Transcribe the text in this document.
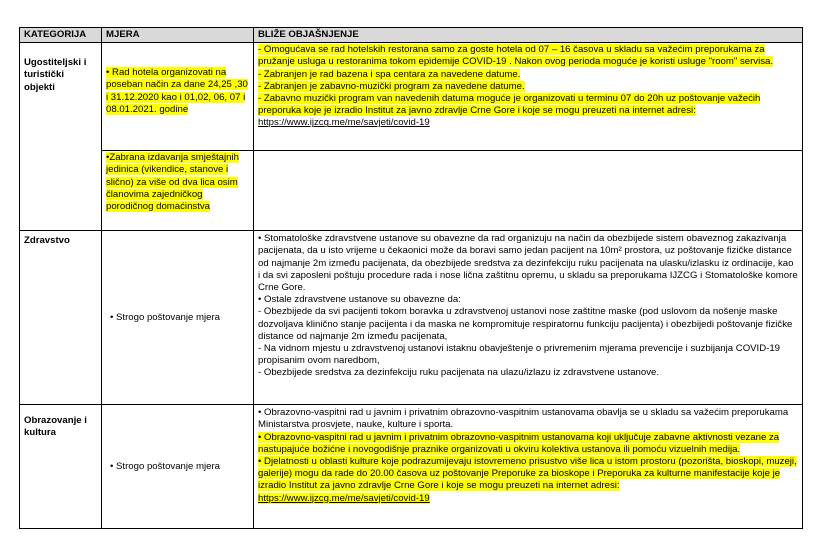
KATEGORIJA	MJERA	BLIŽE OBJAŠNJENJE
Ugostiteljski i turistički objekti	• Rad hotela organizovati na poseban način za dane 24,25 ,30 i 31.12.2020 kao i 01,02, 06, 07 i 08.01.2021. godine	- Omogućava se rad hotelskih restorana samo za goste hotela od 07 – 16 časova u skladu sa važećim preporukama za pružanje usluga u restoranima tokom epidemije COVID-19 . Nakon ovog perioda moguće je koristi usluge "room" servisa.
- Zabranjen je rad bazena i spa centara za navedene datume.
- Zabranjen je zabavno-muzički program za navedene datume.
- Zabavno muzički program van navedenih datuma moguće je organizovati u terminu 07 do 20h uz poštovanje važećih preporuka koje je izradio Institut za javno zdravlje Crne Gore i koje se mogu preuzeti na internet adresi:
https://www.ijzcg.me/me/savjeti/covid-19
	•Zabrana izdavanja smještajnih jedinica (vikendice, stanove i slično) za više od dva lica osim članovima zajedničkog porodičnog domaćinstva	
Zdravstvo	• Strogo poštovanje mjera	• Stomatološke zdravstvene ustanove su obavezne da rad organizuju na način da obezbijede sistem obaveznog zakazivanja pacijenata, da u isto vrijeme u čekaonici može da boravi samo jedan pacijent na 10m² prostora, uz poštovanje fizičke distance od najmanje 2m između pacijenata, da obezbijede sredstva za dezinfekciju ruku pacijenata na ulasku/izlasku iz ordinacije, kao i da svi zaposleni poštuju procedure rada i nose lična zaštitnu opremu, u skladu sa preporukama IJZCG i Stomatološke komore Crne Gore.
• Ostale zdravstvene ustanove su obavezne da:
- Obezbijede da svi pacijenti tokom boravka u zdravstvenoj ustanovi nose zaštitne maske (pod uslovom da nošenje maske dozvoljava klinično stanje pacijenta i da maska ne kompromituje respiratornu funkciju pacijenta) i obezbijedi poštovanje fizičke distance od najmanje 2m između pacijenata,
- Na vidnom mjestu u zdravstvenoj ustanovi istaknu obavještenje o privremenim mjerama prevencije i suzbijanja COVID-19 propisanim ovom naredbom,
- Obezbijede sredstva za dezinfekciju ruku pacijenata na ulazu/izlazu iz zdravstvene ustanove.

Obrazovanje i kultura	• Strogo poštovanje mjera	• Obrazovno-vaspitni rad u javnim i privatnim obrazovno-vaspitnim ustanovama obavlja se u skladu sa važećim preporukama Ministarstva prosvjete, nauke, kulture i sporta.
• Obrazovno-vaspitni rad u javnim i privatnim obrazovno-vaspitnim ustanovama koji uključuje zabavne aktivnosti vezane za nastupajuće božićne i novogodišnje praznike organizovati u okviru kolektiva ustanova ili pomoću vizuelnih medija.
• Djelatnosti u oblasti kulture koje podrazumijevaju istovremeno prisustvo više lica u istom prostoru (pozorišta, bioskopi, muzeji, galerije) mogu da rade do 20.00 časova uz poštovanje Preporuke za bioskope i Preporuka za kulturne manifestacije koje je izradio Institut za javno zdravlje Crne Gore i koje se mogu preuzeti na internet adresi:
https://www.ijzcg.me/me/savjeti/covid-19
